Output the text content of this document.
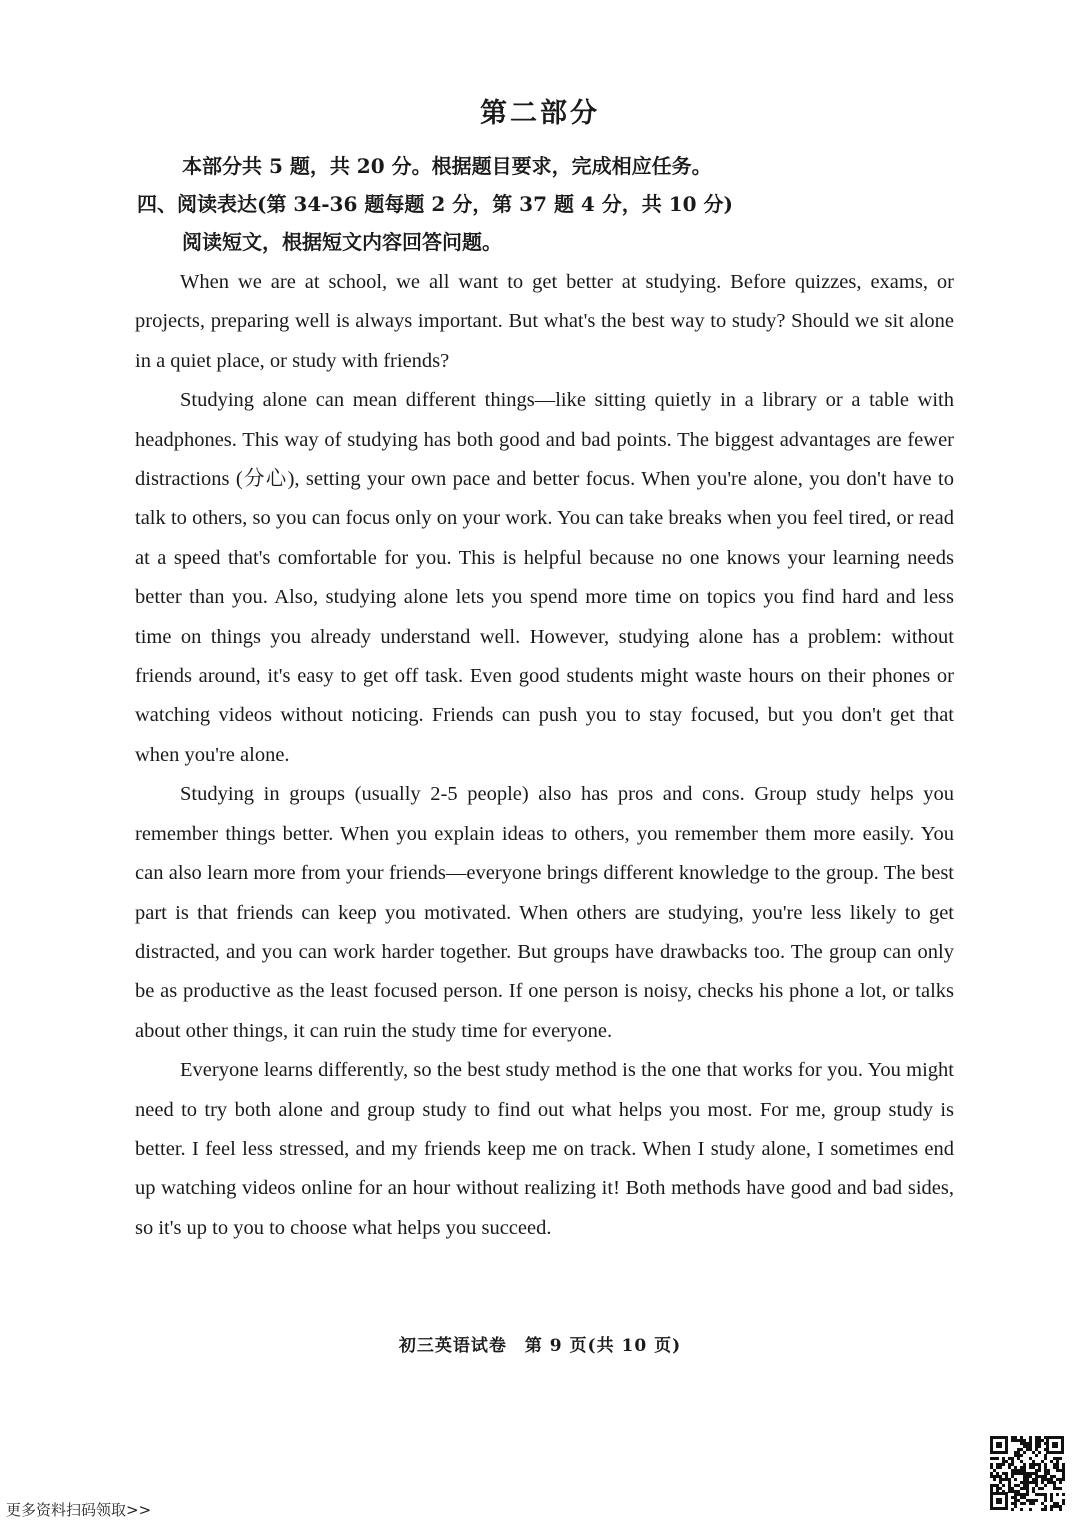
第二部分
本部分共 5 题，共 20 分。根据题目要求，完成相应任务。
四、阅读表达(第 34-36 题每题 2 分，第 37 题 4 分，共 10 分)
阅读短文，根据短文内容回答问题。

When we are at school, we all want to get better at studying. Before quizzes, exams, or projects, preparing well is always important. But what's the best way to study? Should we sit alone in a quiet place, or study with friends?

Studying alone can mean different things—like sitting quietly in a library or a table with headphones. This way of studying has both good and bad points. The biggest advantages are fewer distractions (分心), setting your own pace and better focus. When you're alone, you don't have to talk to others, so you can focus only on your work. You can take breaks when you feel tired, or read at a speed that's comfortable for you. This is helpful because no one knows your learning needs better than you. Also, studying alone lets you spend more time on topics you find hard and less time on things you already understand well. However, studying alone has a problem: without friends around, it's easy to get off task. Even good students might waste hours on their phones or watching videos without noticing. Friends can push you to stay focused, but you don't get that when you're alone.

Studying in groups (usually 2-5 people) also has pros and cons. Group study helps you remember things better. When you explain ideas to others, you remember them more easily. You can also learn more from your friends—everyone brings different knowledge to the group. The best part is that friends can keep you motivated. When others are studying, you're less likely to get distracted, and you can work harder together. But groups have drawbacks too. The group can only be as productive as the least focused person. If one person is noisy, checks his phone a lot, or talks about other things, it can ruin the study time for everyone.

Everyone learns differently, so the best study method is the one that works for you. You might need to try both alone and group study to find out what helps you most. For me, group study is better. I feel less stressed, and my friends keep me on track. When I study alone, I sometimes end up watching videos online for an hour without realizing it! Both methods have good and bad sides, so it's up to you to choose what helps you succeed.

初三英语试卷　第 9 页(共 10 页)
更多资料扫码领取>>
